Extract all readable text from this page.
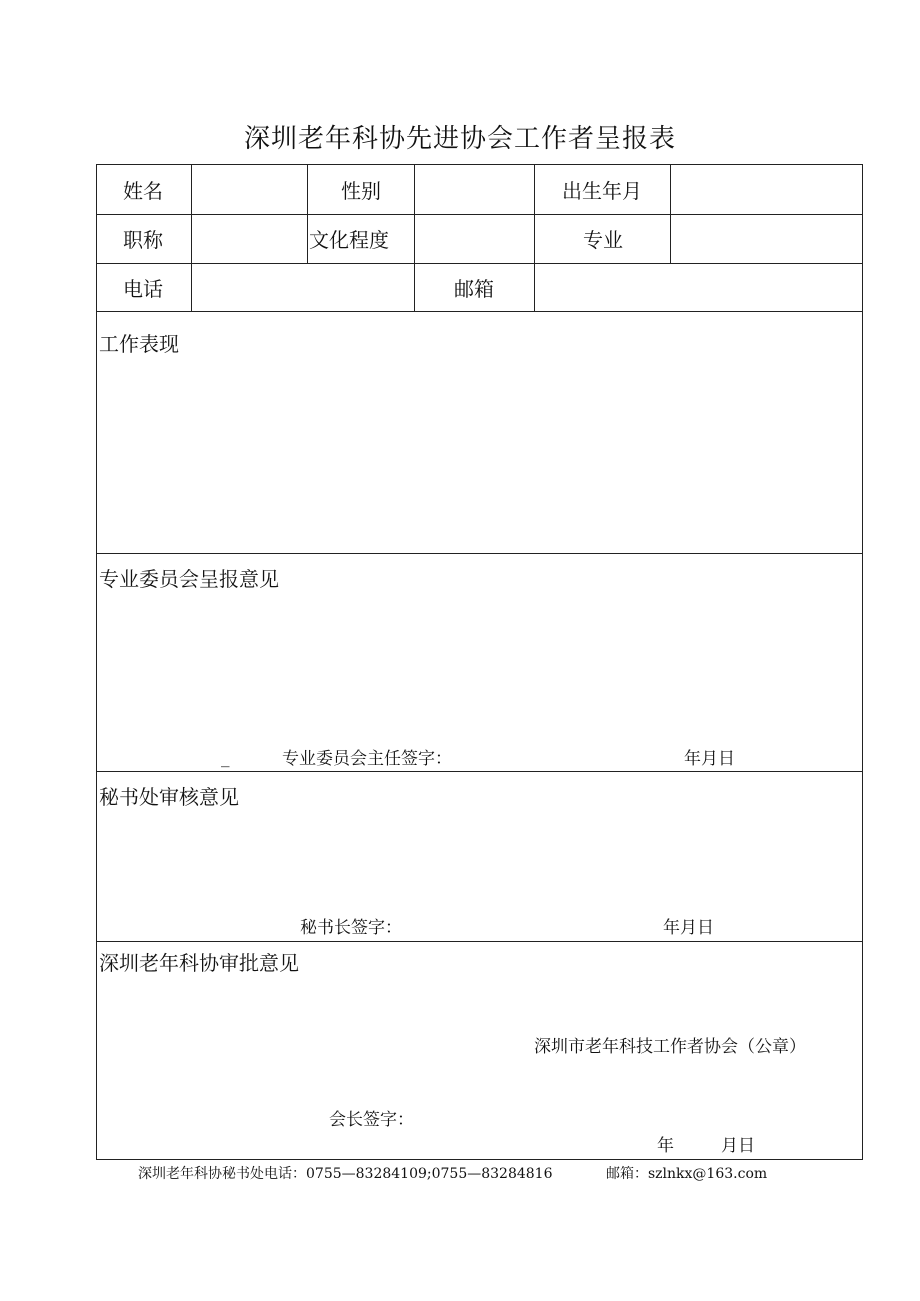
深圳老年科协先进协会工作者呈报表
姓名	性别	出生年月
职称	文化程度	专业
电话	邮箱
工作表现
专业委员会呈报意见
_	专业委员会主任签字：	年月日
秘书处审核意见
秘书长签字：	年月日
深圳老年科协审批意见
深圳市老年科技工作者协会（公章）
会长签字：
年	月日
深圳老年科协秘书处电话：0755—83284109;0755—83284816	邮箱：szlnkx@163.com
